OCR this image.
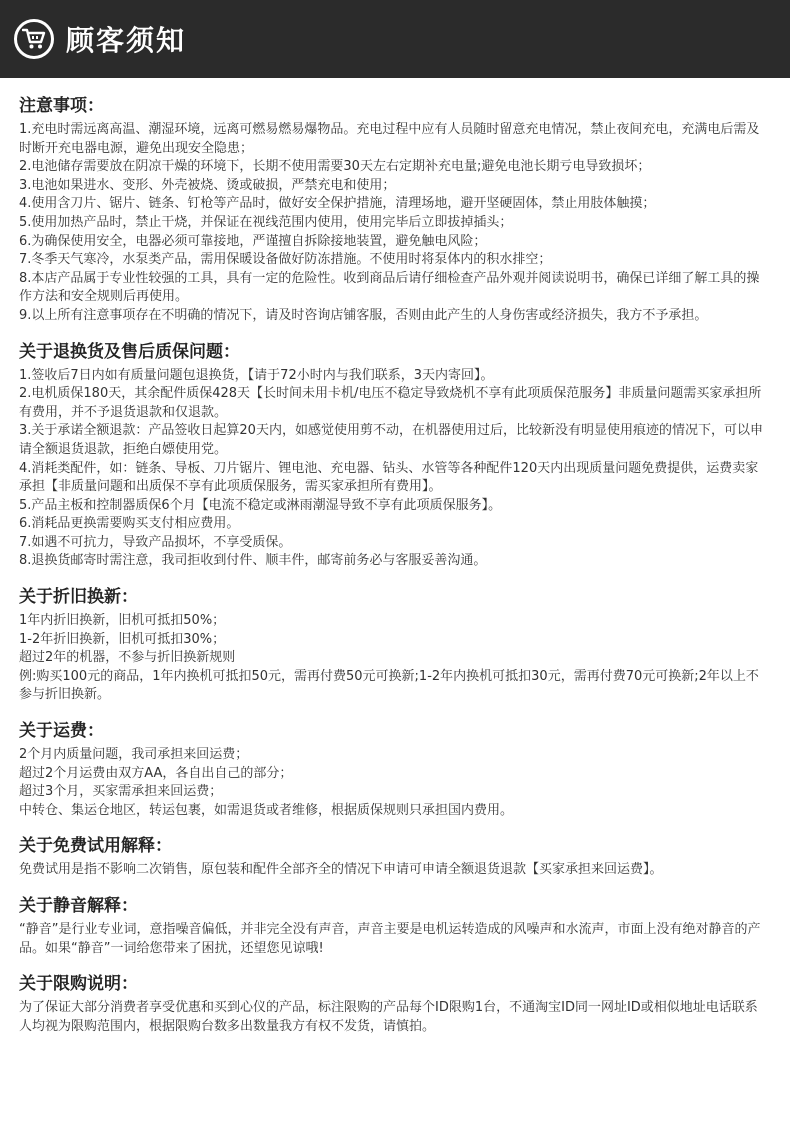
顾客须知
注意事项：
1.充电时需远离高温、潮湿环境，远离可燃易燃易爆物品。充电过程中应有人员随时留意充电情况，禁止夜间充电，充满电后需及时断开充电器电源，避免出现安全隐患；
2.电池储存需要放在阴凉干燥的环境下，长期不使用需要30天左右定期补充电量;避免电池长期亏电导致损坏；
3.电池如果进水、变形、外壳被烧、烫或破损，严禁充电和使用；
4.使用含刀片、锯片、链条、钉枪等产品时，做好安全保护措施，清理场地，避开坚硬固体，禁止用肢体触摸；
5.使用加热产品时，禁止干烧，并保证在视线范围内使用，使用完毕后立即拔掉插头；
6.为确保使用安全，电器必须可靠接地，严谨擅自拆除接地装置，避免触电风险；
7.冬季天气寒冷，水泵类产品，需用保暖设备做好防冻措施。不使用时将泵体内的积水排空；
8.本店产品属于专业性较强的工具，具有一定的危险性。收到商品后请仔细检查产品外观并阅读说明书，确保已详细了解工具的操作方法和安全规则后再使用。
9.以上所有注意事项存在不明确的情况下，请及时咨询店铺客服，否则由此产生的人身伤害或经济损失，我方不予承担。
关于退换货及售后质保问题：
1.签收后7日内如有质量问题包退换货，【请于72小时内与我们联系，3天内寄回】。
2.电机质保180天，其余配件质保428天【长时间未用卡机/电压不稳定导致烧机不享有此项质保范服务】非质量问题需买家承担所有费用，并不予退货退款和仅退款。
3.关于承诺全额退款：产品签收日起算20天内，如感觉使用剪不动，在机器使用过后，比较新没有明显使用痕迹的情况下，可以申请全额退货退款，拒绝白嫖使用党。
4.消耗类配件，如：链条、导板、刀片锯片、锂电池、充电器、钻头、水管等各种配件120天内出现质量问题免费提供，运费卖家承担【非质量问题和出质保不享有此项质保服务，需买家承担所有费用】。
5.产品主板和控制器质保6个月【电流不稳定或淋雨潮湿导致不享有此项质保服务】。
6.消耗品更换需要购买支付相应费用。
7.如遇不可抗力，导致产品损坏，不享受质保。
8.退换货邮寄时需注意，我司拒收到付件、顺丰件，邮寄前务必与客服妥善沟通。
关于折旧换新：
1年内折旧换新，旧机可抵扣50%；
1-2年折旧换新，旧机可抵扣30%；
超过2年的机器，不参与折旧换新规则
例:购买100元的商品，1年内换机可抵扣50元，需再付费50元可换新;1-2年内换机可抵扣30元，需再付费70元可换新;2年以上不参与折旧换新。
关于运费：
2个月内质量问题，我司承担来回运费；
超过2个月运费由双方AA，各自出自己的部分；
超过3个月，买家需承担来回运费；
中转仓、集运仓地区，转运包裹，如需退货或者维修，根据质保规则只承担国内费用。
关于免费试用解释：
免费试用是指不影响二次销售，原包装和配件全部齐全的情况下申请可申请全额退货退款【买家承担来回运费】。
关于静音解释：
“静音”是行业专业词，意指噪音偏低，并非完全没有声音，声音主要是电机运转造成的风噪声和水流声，市面上没有绝对静音的产品。如果“静音”一词给您带来了困扰，还望您见谅哦!
关于限购说明：
为了保证大部分消费者享受优惠和买到心仪的产品，标注限购的产品每个ID限购1台，不通淘宝ID同一网址ID或相似地址电话联系人均视为限购范围内，根据限购台数多出数量我方有权不发货，请慎拍。
